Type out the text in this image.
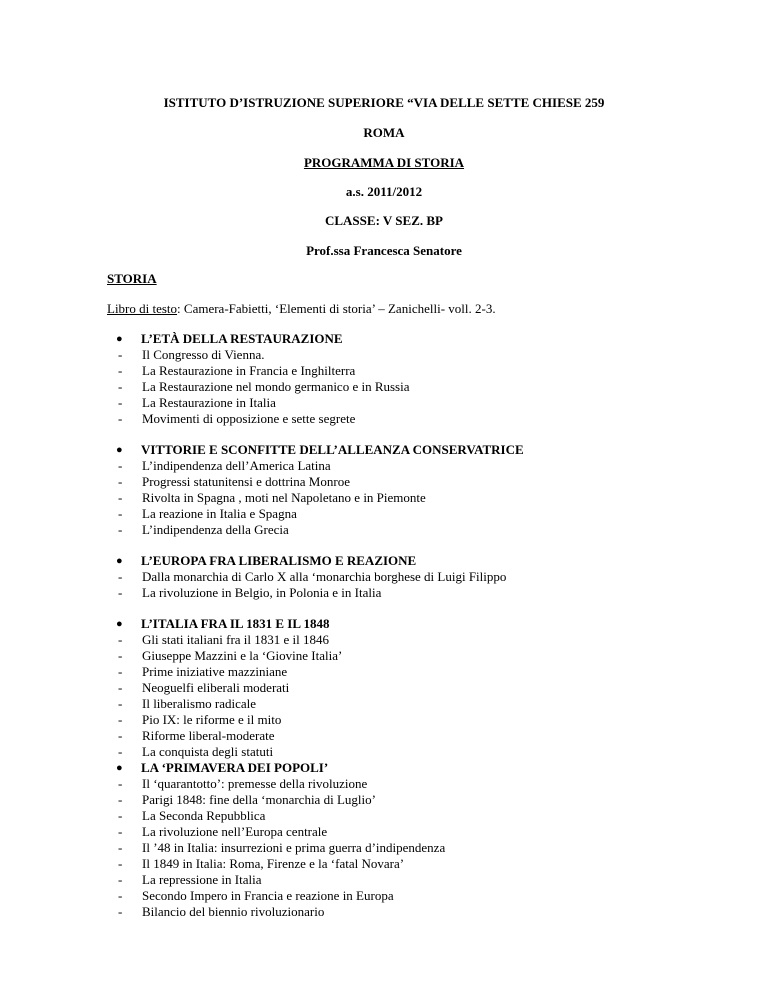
ISTITUTO D’ISTRUZIONE SUPERIORE “VIA DELLE SETTE CHIESE 259
ROMA
PROGRAMMA DI STORIA
a.s. 2011/2012
CLASSE: V SEZ. BP
Prof.ssa Francesca Senatore
STORIA
Libro di testo: Camera-Fabietti, ‘Elementi di storia’ – Zanichelli- voll. 2-3.
● L’ETÀ DELLA RESTAURAZIONE
- Il Congresso di Vienna.
- La Restaurazione in Francia e Inghilterra
- La Restaurazione nel mondo germanico e in Russia
- La Restaurazione in Italia
- Movimenti di opposizione e sette segrete
● VITTORIE E SCONFITTE DELL’ALLEANZA CONSERVATRICE
- L’indipendenza dell’America Latina
- Progressi statunitensi e dottrina Monroe
- Rivolta in Spagna , moti nel Napoletano e in Piemonte
- La reazione in Italia e Spagna
- L’indipendenza della Grecia
● L’EUROPA FRA LIBERALISMO E REAZIONE
- Dalla monarchia di Carlo X alla ‘monarchia borghese di Luigi Filippo
- La rivoluzione in Belgio, in Polonia e in Italia
● L’ITALIA FRA IL 1831 E IL 1848
- Gli stati italiani fra il 1831 e il 1846
- Giuseppe Mazzini e la ‘Giovine Italia’
- Prime iniziative mazziniane
- Neoguelfi eliberali moderati
- Il liberalismo radicale
- Pio IX: le riforme e il mito
- Riforme liberal-moderate
- La conquista degli statuti
● LA ‘PRIMAVERA DEI POPOLI’
- Il ‘quarantotto’: premesse della rivoluzione
- Parigi 1848: fine della ‘monarchia di Luglio’
- La Seconda Repubblica
- La rivoluzione nell’Europa centrale
- Il ’48 in Italia: insurrezioni e prima guerra d’indipendenza
- Il 1849 in Italia: Roma, Firenze e la ‘fatal Novara’
- La repressione in Italia
- Secondo Impero in Francia e reazione in Europa
- Bilancio del biennio rivoluzionario
